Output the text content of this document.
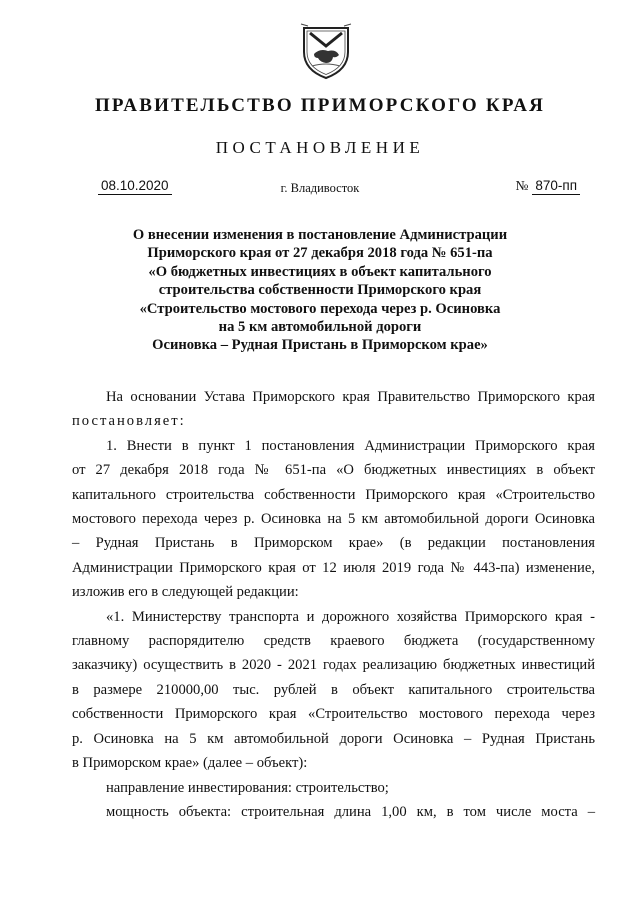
ПРАВИТЕЛЬСТВО ПРИМОРСКОГО КРАЯ
ПОСТАНОВЛЕНИЕ
08.10.2020	г. Владивосток	№ 870-пп
О внесении изменения в постановление Администрации
Приморского края от 27 декабря 2018 года № 651-па
«О бюджетных инвестициях в объект капитального
строительства собственности Приморского края
«Строительство мостового перехода через р. Осиновка
на 5 км автомобильной дороги
Осиновка – Рудная Пристань в Приморском крае»
На основании Устава Приморского края Правительство Приморского края
постановляет:
1. Внести в пункт 1 постановления Администрации Приморского края
от 27 декабря 2018 года № 651-па «О бюджетных инвестициях в объект
капитального строительства собственности Приморского края «Строительство
мостового перехода через р. Осиновка на 5 км автомобильной дороги Осиновка
– Рудная Пристань в Приморском крае» (в редакции постановления
Администрации Приморского края от 12 июля 2019 года № 443-па) изменение,
изложив его в следующей редакции:
«1. Министерству транспорта и дорожного хозяйства Приморского края -
главному распорядителю средств краевого бюджета (государственному
заказчику) осуществить в 2020 - 2021 годах реализацию бюджетных инвестиций
в размере 210000,00 тыс. рублей в объект капитального строительства
собственности Приморского края «Строительство мостового перехода через
р. Осиновка на 5 км автомобильной дороги Осиновка – Рудная Пристань
в Приморском крае» (далее – объект):
направление инвестирования: строительство;
мощность объекта: строительная длина 1,00 км, в том числе моста –
